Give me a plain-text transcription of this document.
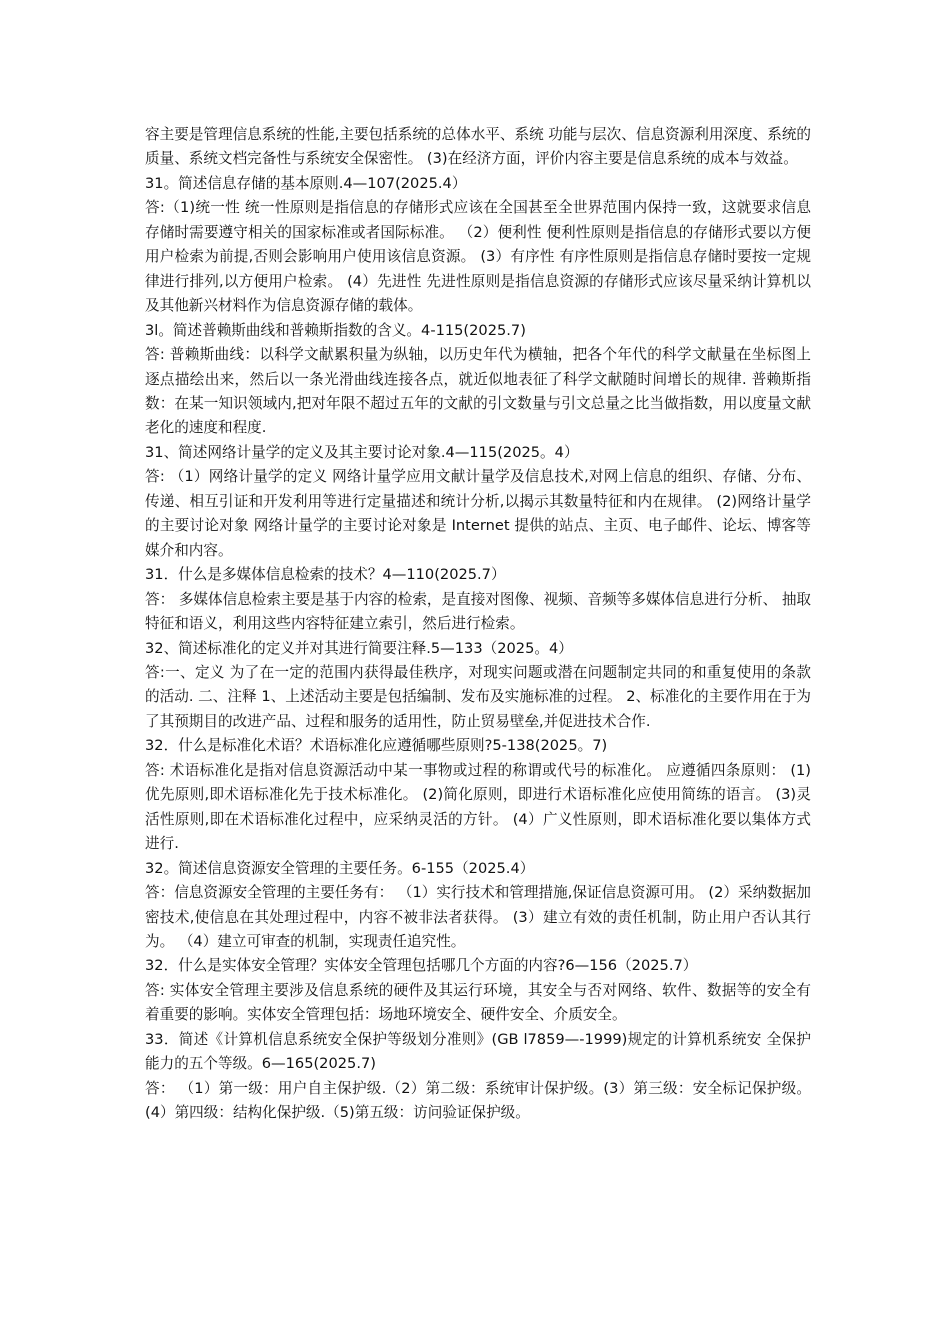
容主要是管理信息系统的性能,主要包括系统的总体水平、系统 功能与层次、信息资源利用深度、系统的质量、系统文档完备性与系统安全保密性。 (3)在经济方面，评价内容主要是信息系统的成本与效益。

31。简述信息存储的基本原则.4—107(2025.4）

答:（1)统一性 统一性原则是指信息的存储形式应该在全国甚至全世界范围内保持一致，这就要求信息存储时需要遵守相关的国家标准或者国际标准。 （2）便利性 便利性原则是指信息的存储形式要以方便用户检索为前提,否则会影响用户使用该信息资源。 (3）有序性 有序性原则是指信息存储时要按一定规律进行排列,以方便用户检索。 (4）先进性 先进性原则是指信息资源的存储形式应该尽量采纳计算机以及其他新兴材料作为信息资源存储的载体。

3l。简述普赖斯曲线和普赖斯指数的含义。4-115(2025.7)

答: 普赖斯曲线：以科学文献累积量为纵轴，以历史年代为横轴，把各个年代的科学文献量在坐标图上逐点描绘出来，然后以一条光滑曲线连接各点，就近似地表征了科学文献随时间增长的规律. 普赖斯指数：在某一知识领域内,把对年限不超过五年的文献的引文数量与引文总量之比当做指数，用以度量文献老化的速度和程度.

31、简述网络计量学的定义及其主要讨论对象.4—115(2025。4）

答: （1）网络计量学的定义 网络计量学应用文献计量学及信息技术,对网上信息的组织、存储、分布、传递、相互引证和开发利用等进行定量描述和统计分析,以揭示其数量特征和内在规律。 (2)网络计量学的主要讨论对象 网络计量学的主要讨论对象是 Internet 提供的站点、主页、电子邮件、论坛、博客等媒介和内容。

31．什么是多媒体信息检索的技术？4—110(2025.7）

答： 多媒体信息检索主要是基于内容的检索，是直接对图像、视频、音频等多媒体信息进行分析、 抽取特征和语义，利用这些内容特征建立索引，然后进行检索。

32、简述标准化的定义并对其进行简要注释.5—133（2025。4）

答:一、定义 为了在一定的范围内获得最佳秩序，对现实问题或潜在问题制定共同的和重复使用的条款的活动. 二、注释 1、上述活动主要是包括编制、发布及实施标准的过程。 2、标准化的主要作用在于为了其预期目的改进产品、过程和服务的适用性，防止贸易壁垒,并促进技术合作.

32．什么是标准化术语？术语标准化应遵循哪些原则?5-138(2025。7)

答: 术语标准化是指对信息资源活动中某一事物或过程的称谓或代号的标准化。 应遵循四条原则： (1)优先原则,即术语标准化先于技术标准化。 (2)简化原则，即进行术语标准化应使用简练的语言。 (3)灵活性原则,即在术语标准化过程中，应采纳灵活的方针。 (4）广义性原则，即术语标准化要以集体方式进行.

32。简述信息资源安全管理的主要任务。6-155（2025.4）

答：信息资源安全管理的主要任务有： （1）实行技术和管理措施,保证信息资源可用。 (2）采纳数据加密技术,使信息在其处理过程中，内容不被非法者获得。 (3）建立有效的责任机制，防止用户否认其行为。 （4）建立可审查的机制，实现责任追究性。

32．什么是实体安全管理？实体安全管理包括哪几个方面的内容?6—156（2025.7）

答: 实体安全管理主要涉及信息系统的硬件及其运行环境，其安全与否对网络、软件、数据等的安全有着重要的影响。实体安全管理包括：场地环境安全、硬件安全、介质安全。

33．简述《计算机信息系统安全保护等级划分准则》(GB l7859—-1999)规定的计算机系统安 全保护能力的五个等级。6—165(2025.7)

答： （1）第一级：用户自主保护级.（2）第二级：系统审计保护级。(3）第三级：安全标记保护级。(4）第四级：结构化保护级.（5)第五级：访问验证保护级。
